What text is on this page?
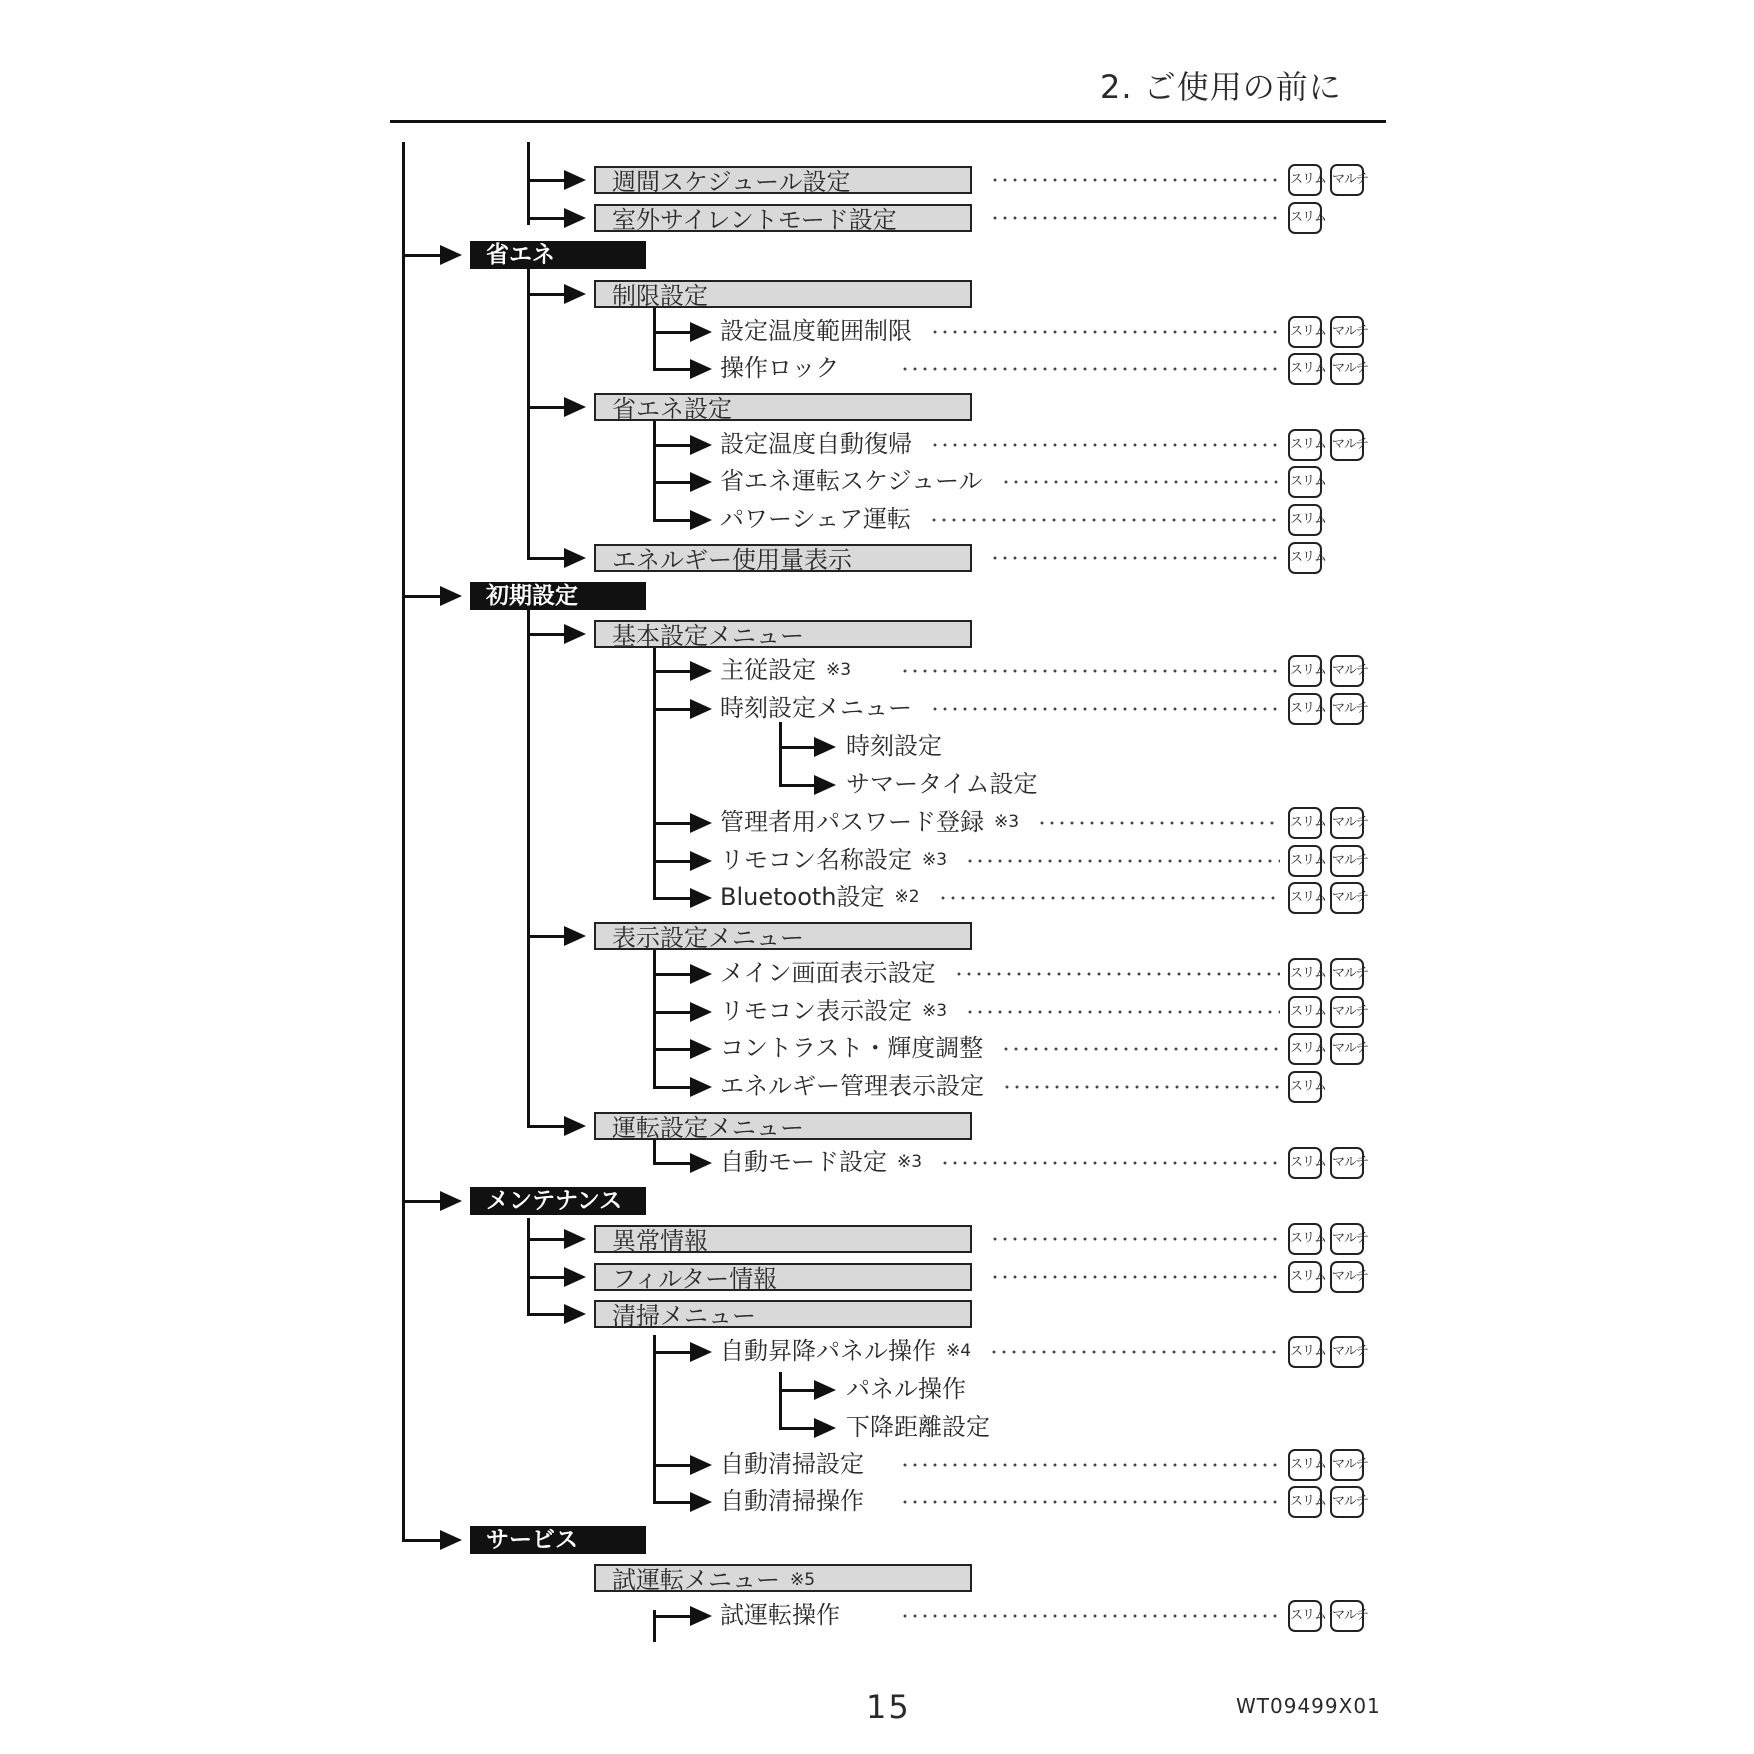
2. ご使用の前に
週間スケジュール設定	スリム マルチ
室外サイレントモード設定	スリム
省エネ
制限設定
設定温度範囲制限	スリム マルチ
操作ロック	スリム マルチ
省エネ設定
設定温度自動復帰	スリム マルチ
省エネ運転スケジュール	スリム
パワーシェア運転	スリム
エネルギー使用量表示	スリム
初期設定
基本設定メニュー
主従設定 $^{※3}$	スリム マルチ
時刻設定メニュー	スリム マルチ
時刻設定
サマータイム設定
管理者用パスワード登録 $^{※3}$	スリム マルチ
リモコン名称設定 $^{※3}$	スリム マルチ
Bluetooth設定 $^{※2}$	スリム マルチ
表示設定メニュー
メイン画面表示設定	スリム マルチ
リモコン表示設定 $^{※3}$	スリム マルチ
コントラスト・輝度調整	スリム マルチ
エネルギー管理表示設定	スリム
運転設定メニュー
自動モード設定 $^{※3}$	スリム マルチ
メンテナンス
異常情報	スリム マルチ
フィルター情報	スリム マルチ
清掃メニュー
自動昇降パネル操作 $^{※4}$	スリム マルチ
パネル操作
下降距離設定
自動清掃設定	スリム マルチ
自動清掃操作	スリム マルチ
サービス
試運転メニュー $^{※5}$
試運転操作	スリム マルチ
15	WT09499X01
